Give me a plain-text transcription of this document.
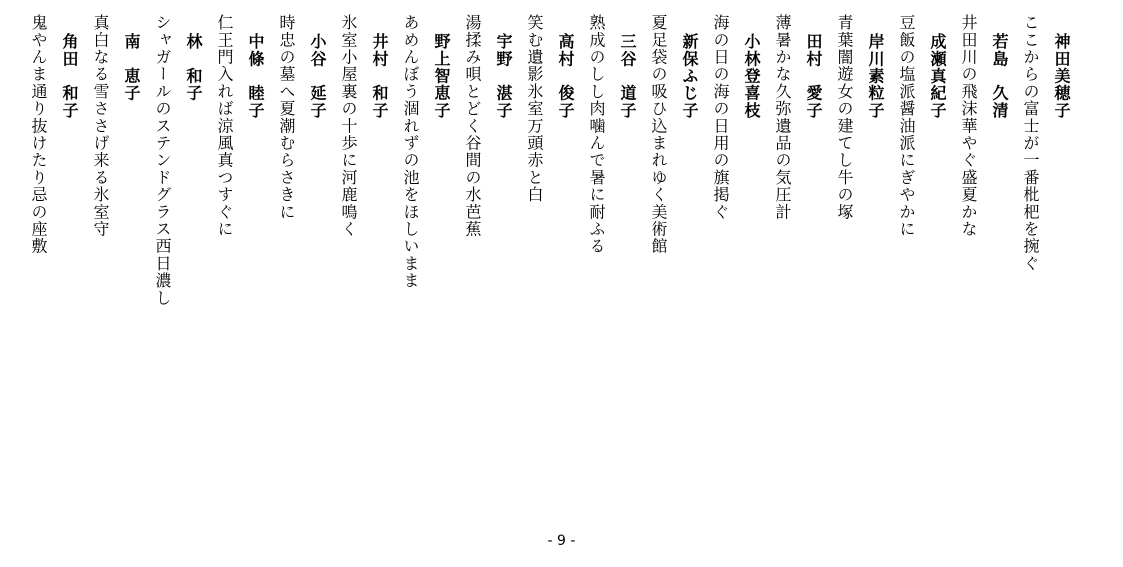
神田美穂子
ここからの富士が一番枇杷を捥ぐ
若島　久清
井田川の飛沫華やぐ盛夏かな
成瀬真紀子
豆飯の塩派醤油派にぎやかに
岸川素粒子
青葉闇遊女の建てし牛の塚
田村　愛子
薄暑かな久弥遺品の気圧計
小林登喜枝
海の日の海の日用の旗掲ぐ
新保ふじ子
夏足袋の吸ひ込まれゆく美術館
三谷　道子
熟成のしし肉噛んで暑に耐ふる
高村　俊子
笑む遺影氷室万頭赤と白
宇野　湛子
湯揉み唄とどく谷間の水芭蕉
野上智恵子
あめんぼう涸れずの池をほしいまま
井村　和子
氷室小屋裏の十歩に河鹿鳴く
小谷　延子
時忠の墓へ夏潮むらさきに
中條　睦子
仁王門入れば涼風真つすぐに
林　和子
シャガールのステンドグラス西日濃し
南　恵子
真白なる雪ささげ来る氷室守
角田　和子
鬼やんま通り抜けたり忌の座敷
- 9 -
